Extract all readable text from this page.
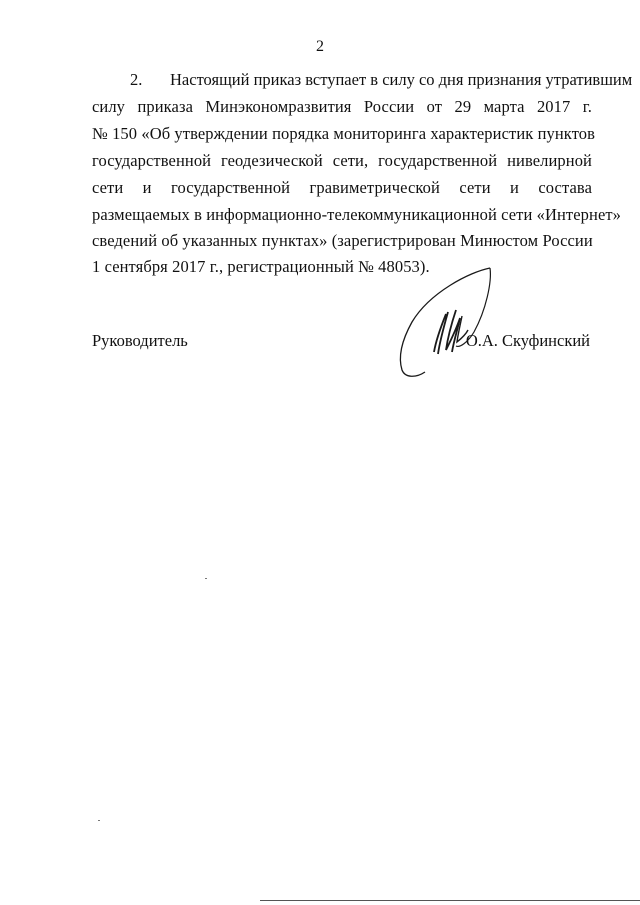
2
2. Настоящий приказ вступает в силу со дня признания утратившим
силу приказа Минэкономразвития России от 29 марта 2017 г.
№ 150 «Об утверждении порядка мониторинга характеристик пунктов
государственной геодезической сети, государственной нивелирной
сети и государственной гравиметрической сети и состава
размещаемых в информационно-телекоммуникационной сети «Интернет»
сведений об указанных пунктах» (зарегистрирован Минюстом России
1 сентября 2017 г., регистрационный № 48053).
Руководитель	О.А. Скуфинский
